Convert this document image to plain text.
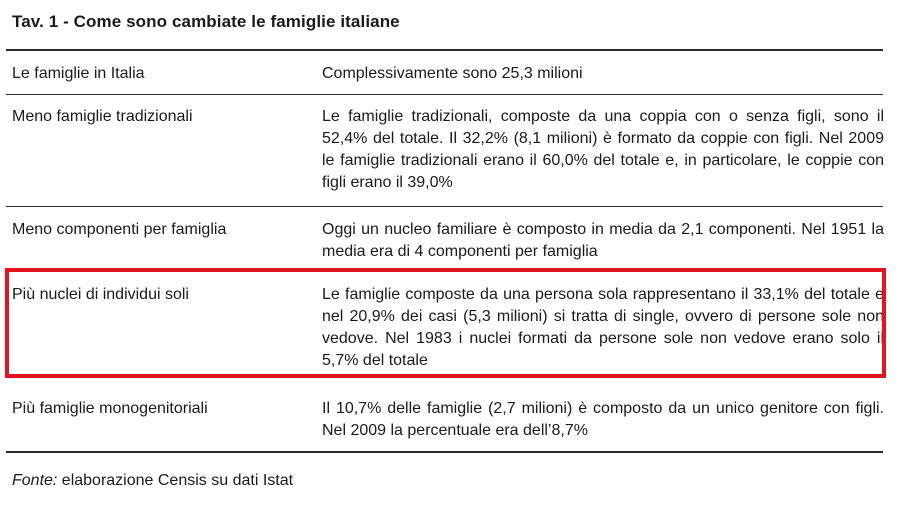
Tav. 1 - Come sono cambiate le famiglie italiane
Le famiglie in Italia	Complessivamente sono 25,3 milioni
Meno famiglie tradizionali	Le famiglie tradizionali, composte da una coppia con o senza figli, sono il 52,4% del totale. Il 32,2% (8,1 milioni) è formato da coppie con figli. Nel 2009 le famiglie tradizionali erano il 60,0% del totale e, in particolare, le coppie con figli erano il 39,0%
Meno componenti per famiglia	Oggi un nucleo familiare è composto in media da 2,1 componenti. Nel 1951 la media era di 4 componenti per famiglia
Più nuclei di individui soli	Le famiglie composte da una persona sola rappresentano il 33,1% del totale e nel 20,9% dei casi (5,3 milioni) si tratta di single, ovvero di persone sole non vedove. Nel 1983 i nuclei formati da persone sole non vedove erano solo il 5,7% del totale
Più famiglie monogenitoriali	Il 10,7% delle famiglie (2,7 milioni) è composto da un unico genitore con figli. Nel 2009 la percentuale era dell’8,7%
Fonte: elaborazione Censis su dati Istat
